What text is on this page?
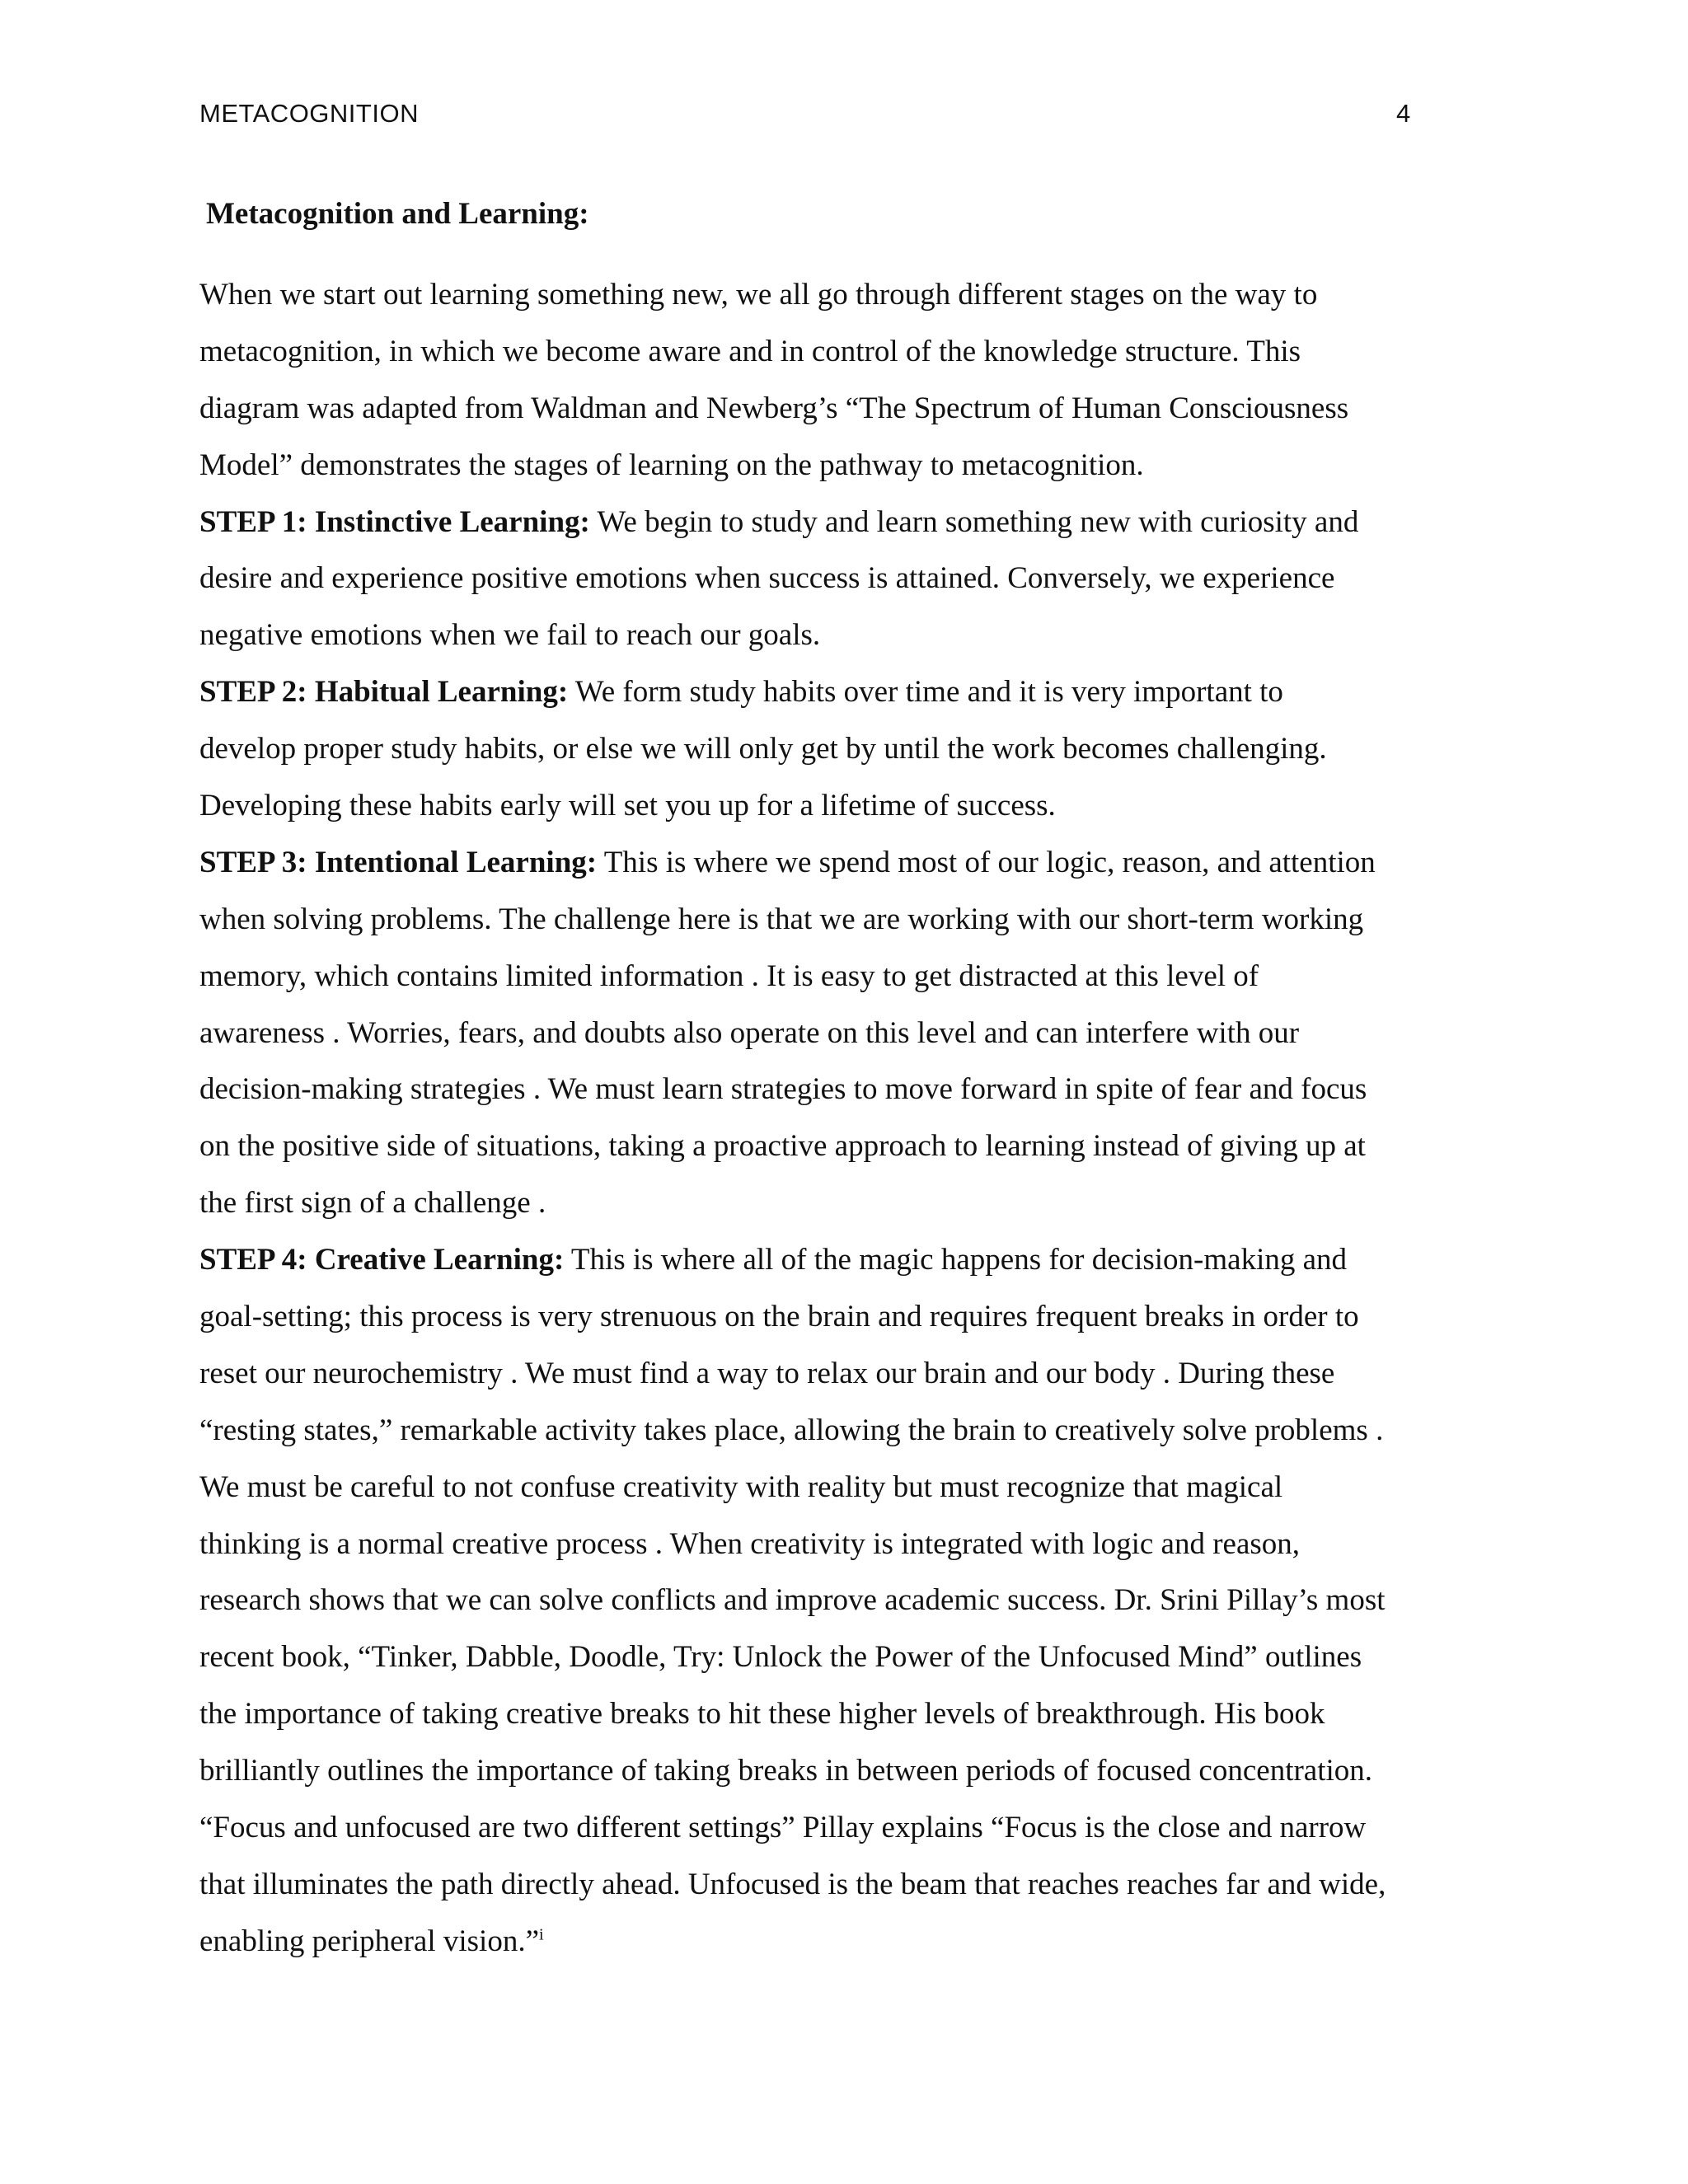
METACOGNITION	4
Metacognition and Learning:
When we start out learning something new, we all go through different stages on the way to
metacognition, in which we become aware and in control of the knowledge structure. This
diagram was adapted from Waldman and Newberg’s “The Spectrum of Human Consciousness
Model” demonstrates the stages of learning on the pathway to metacognition.
STEP 1: Instinctive Learning: We begin to study and learn something new with curiosity and
desire and experience positive emotions when success is attained. Conversely, we experience
negative emotions when we fail to reach our goals.
STEP 2: Habitual Learning: We form study habits over time and it is very important to
develop proper study habits, or else we will only get by until the work becomes challenging.
Developing these habits early will set you up for a lifetime of success.
STEP 3: Intentional Learning: This is where we spend most of our logic, reason, and attention
when solving problems. The challenge here is that we are working with our short-term working
memory, which contains limited information . It is easy to get distracted at this level of
awareness . Worries, fears, and doubts also operate on this level and can interfere with our
decision-making strategies . We must learn strategies to move forward in spite of fear and focus
on the positive side of situations, taking a proactive approach to learning instead of giving up at
the first sign of a challenge .
STEP 4: Creative Learning: This is where all of the magic happens for decision-making and
goal-setting; this process is very strenuous on the brain and requires frequent breaks in order to
reset our neurochemistry . We must find a way to relax our brain and our body . During these
“resting states,” remarkable activity takes place, allowing the brain to creatively solve problems .
We must be careful to not confuse creativity with reality but must recognize that magical
thinking is a normal creative process . When creativity is integrated with logic and reason,
research shows that we can solve conflicts and improve academic success. Dr. Srini Pillay’s most
recent book, “Tinker, Dabble, Doodle, Try: Unlock the Power of the Unfocused Mind” outlines
the importance of taking creative breaks to hit these higher levels of breakthrough. His book
brilliantly outlines the importance of taking breaks in between periods of focused concentration.
“Focus and unfocused are two different settings” Pillay explains “Focus is the close and narrow
that illuminates the path directly ahead. Unfocused is the beam that reaches reaches far and wide,
enabling peripheral vision.”$^i$
